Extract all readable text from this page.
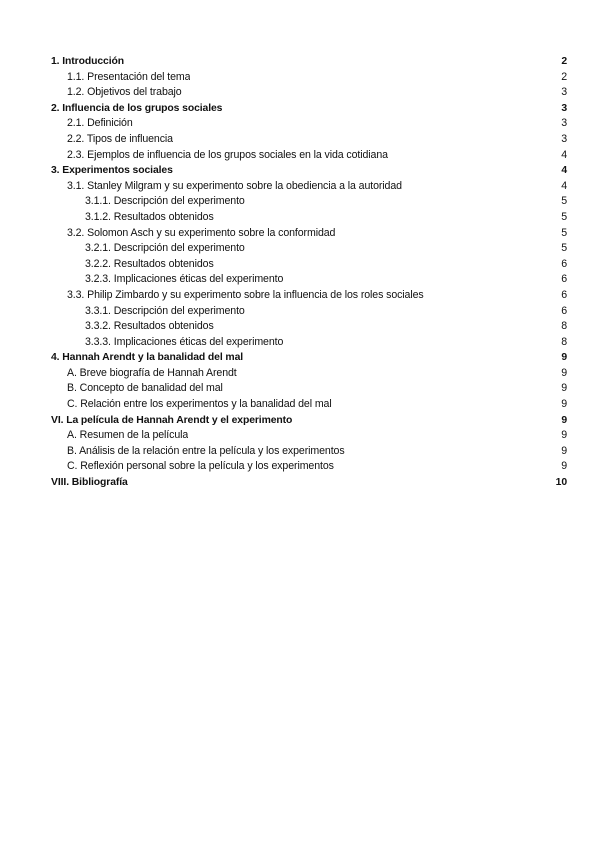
1. Introducción	2
1.1. Presentación del tema	2
1.2. Objetivos del trabajo	3
2. Influencia de los grupos sociales	3
2.1. Definición	3
2.2. Tipos de influencia	3
2.3. Ejemplos de influencia de los grupos sociales en la vida cotidiana	4
3. Experimentos sociales	4
3.1. Stanley Milgram y su experimento sobre la obediencia a la autoridad	4
3.1.1. Descripción del experimento	5
3.1.2. Resultados obtenidos	5
3.2. Solomon Asch y su experimento sobre la conformidad	5
3.2.1. Descripción del experimento	5
3.2.2. Resultados obtenidos	6
3.2.3. Implicaciones éticas del experimento	6
3.3. Philip Zimbardo y su experimento sobre la influencia de los roles sociales	6
3.3.1. Descripción del experimento	6
3.3.2. Resultados obtenidos	8
3.3.3. Implicaciones éticas del experimento	8
4. Hannah Arendt y la banalidad del mal	9
A. Breve biografía de Hannah Arendt	9
B. Concepto de banalidad del mal	9
C. Relación entre los experimentos y la banalidad del mal	9
VI. La película de Hannah Arendt y el experimento	9
A. Resumen de la película	9
B. Análisis de la relación entre la película y los experimentos	9
C. Reflexión personal sobre la película y los experimentos	9
VIII. Bibliografía	10
